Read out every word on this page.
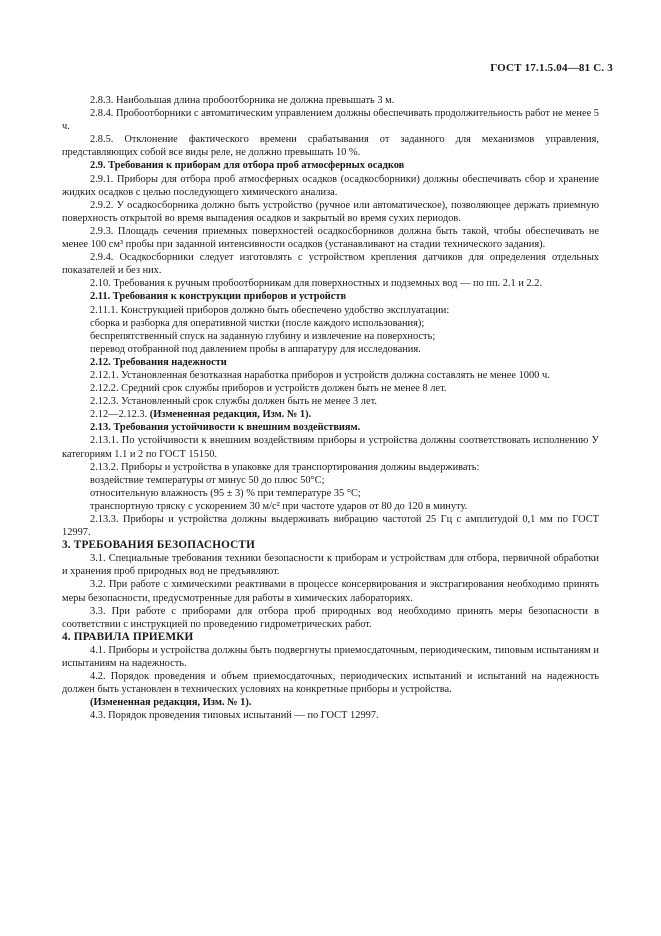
ГОСТ 17.1.5.04—81 С. 3

2.8.3. Наибольшая длина пробоотборника не должна превышать 3 м.

2.8.4. Пробоотборники с автоматическим управлением должны обеспечивать продолжительность работ не менее 5 ч.

2.8.5. Отклонение фактического времени срабатывания от заданного для механизмов управления, представляющих собой все виды реле, не должно превышать 10 %.

2.9. Требования к приборам для отбора проб атмосферных осадков

2.9.1. Приборы для отбора проб атмосферных осадков (осадкосборники) должны обеспечивать сбор и хранение жидких осадков с целью последующего химического анализа.

2.9.2. У осадкосборника должно быть устройство (ручное или автоматическое), позволяющее держать приемную поверхность открытой во время выпадения осадков и закрытый во время сухих периодов.

2.9.3. Площадь сечения приемных поверхностей осадкосборников должна быть такой, чтобы обеспечивать не менее 100 см³ пробы при заданной интенсивности осадков (устанавливают на стадии технического задания).

2.9.4. Осадкосборники следует изготовлять с устройством крепления датчиков для определения отдельных показателей и без них.

2.10. Требования к ручным пробоотборникам для поверхностных и подземных вод — по пп. 2.1 и 2.2.

2.11. Требования к конструкции приборов и устройств

2.11.1. Конструкцией приборов должно быть обеспечено удобство эксплуатации:

сборка и разборка для оперативной чистки (после каждого использования);

беспрепятственный спуск на заданную глубину и извлечение на поверхность;

перевод отобранной под давлением пробы в аппаратуру для исследования.

2.12. Требования надежности

2.12.1. Установленная безотказная наработка приборов и устройств должна составлять не менее 1000 ч.

2.12.2. Средний срок службы приборов и устройств должен быть не менее 8 лет.

2.12.3. Установленный срок службы должен быть не менее 3 лет.

2.12—2.12.3. (Измененная редакция, Изм. № 1).

2.13. Требования устойчивости к внешним воздействиям.

2.13.1. По устойчивости к внешним воздействиям приборы и устройства должны соответствовать исполнению У категориям 1.1 и 2 по ГОСТ 15150.

2.13.2. Приборы и устройства в упаковке для транспортирования должны выдерживать:

воздействие температуры от минус 50 до плюс 50°С;

относительную влажность (95 ± 3) % при температуре 35 °С;

транспортную тряску с ускорением 30 м/с² при частоте ударов от 80 до 120 в минуту.

2.13.3. Приборы и устройства должны выдерживать вибрацию частотой 25 Гц с амплитудой 0,1 мм по ГОСТ 12997.

3. ТРЕБОВАНИЯ БЕЗОПАСНОСТИ

3.1. Специальные требования техники безопасности к приборам и устройствам для отбора, первичной обработки и хранения проб природных вод не предъявляют.

3.2. При работе с химическими реактивами в процессе консервирования и экстрагирования необходимо принять меры безопасности, предусмотренные для работы в химических лабораториях.

3.3. При работе с приборами для отбора проб природных вод необходимо принять меры безопасности в соответствии с инструкцией по проведению гидрометрических работ.

4. ПРАВИЛА ПРИЕМКИ

4.1. Приборы и устройства должны быть подвергнуты приемосдаточным, периодическим, типовым испытаниям и испытаниям на надежность.

4.2. Порядок проведения и объем приемосдаточных, периодических испытаний и испытаний на надежность должен быть установлен в технических условиях на конкретные приборы и устройства.

(Измененная редакция, Изм. № 1).

4.3. Порядок проведения типовых испытаний — по ГОСТ 12997.
